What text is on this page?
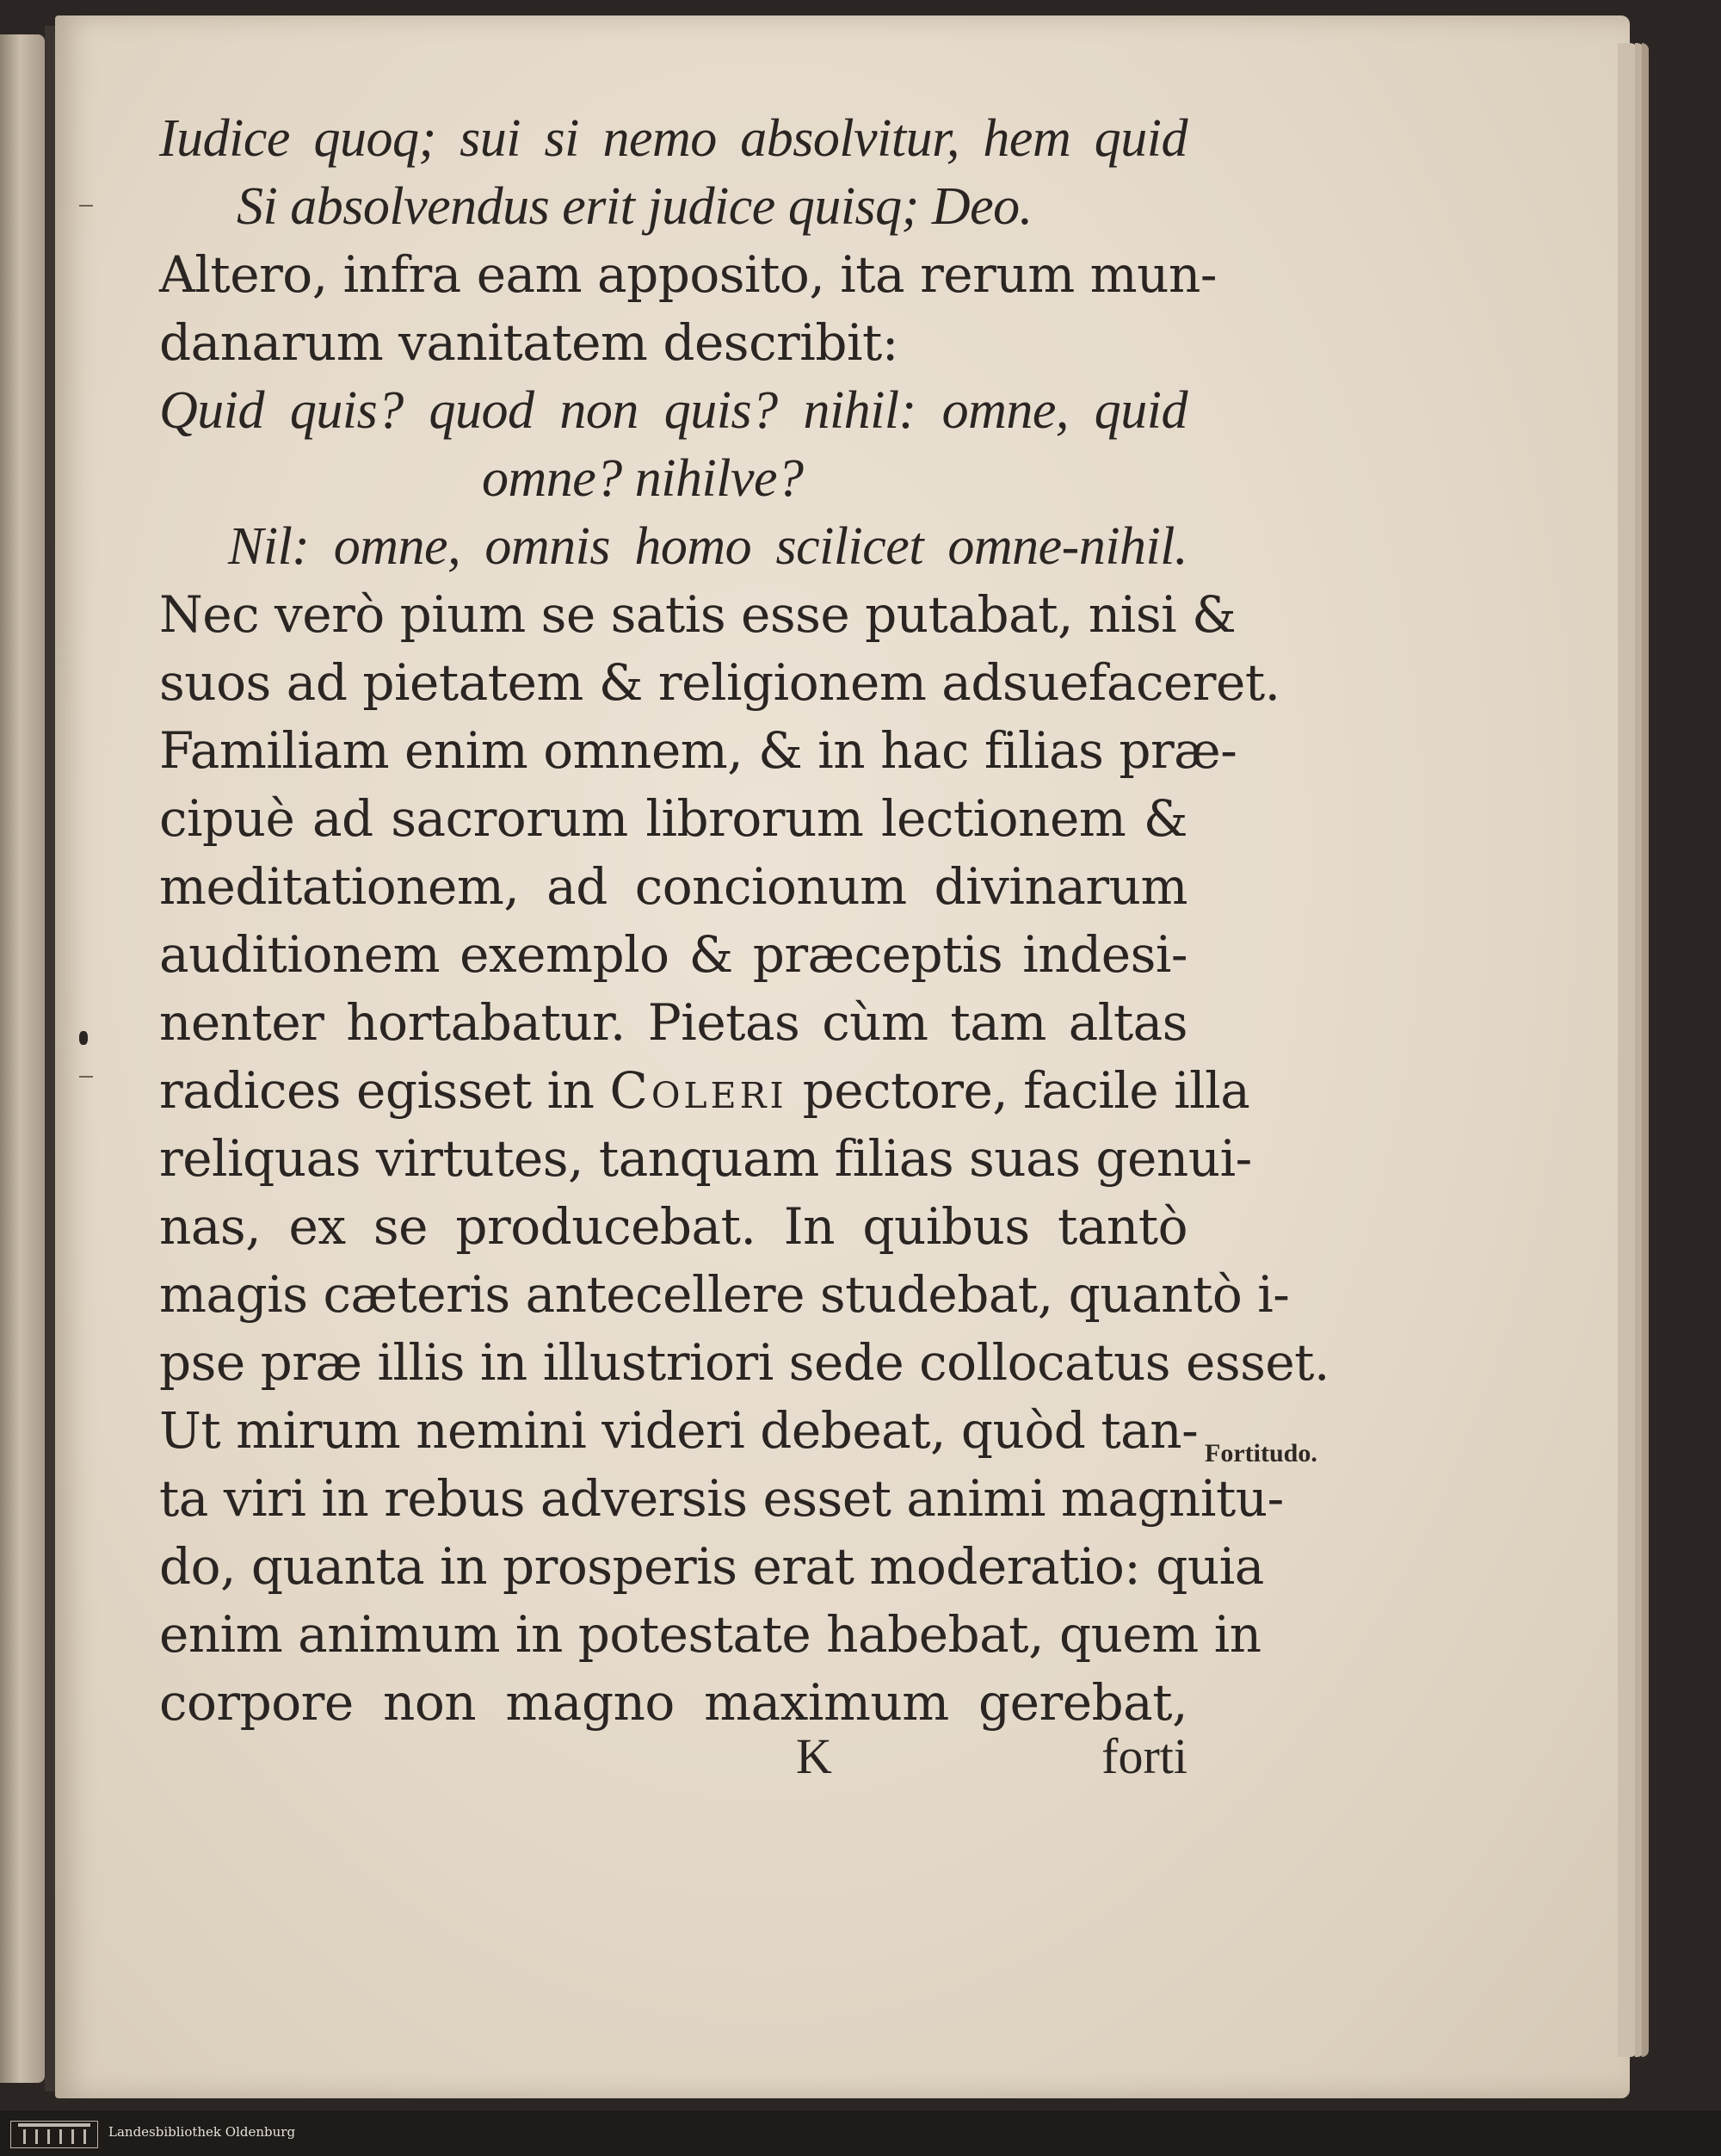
Iudice quoq; sui si nemo absolvitur, hem quid
Si absolvendus erit judice quisq; Deo.
Altero, infra eam apposito, ita rerum mun-
danarum vanitatem describit:
Quid quis? quod non quis? nihil: omne, quid
omne? nihilve?
Nil: omne, omnis homo scilicet omne-nihil.
Nec verò pium se satis esse putabat, nisi &
suos ad pietatem & religionem adsuefaceret.
Familiam enim omnem, & in hac filias præ-
cipuè ad sacrorum librorum lectionem &
meditationem, ad concionum divinarum
auditionem exemplo & præceptis indesi-
nenter hortabatur. Pietas cùm tam altas
radices egisset in Coleri pectore, facile illa
reliquas virtutes, tanquam filias suas genui-
nas, ex se producebat. In quibus tantò
magis cæteris antecellere studebat, quantò i-
pse præ illis in illustriori sede collocatus esset.
Ut mirum nemini videri debeat, quòd tan-
ta viri in rebus adversis esset animi magnitu-
do, quanta in prosperis erat moderatio: quia
enim animum in potestate habebat, quem in
corpore non magno maximum gerebat,
K	forti
Fortitudo.
Landesbibliothek Oldenburg
